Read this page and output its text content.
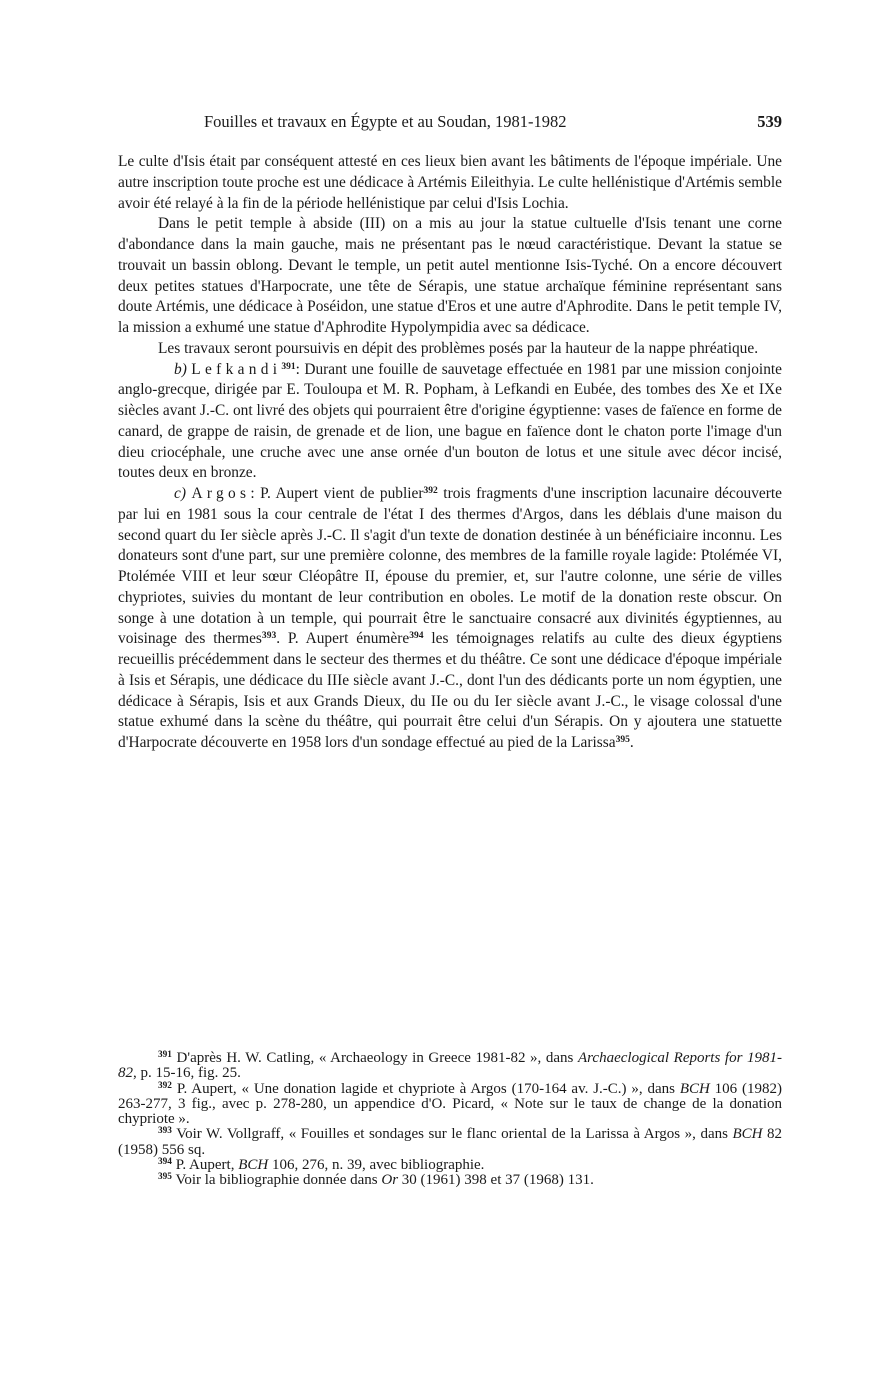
Fouilles et travaux en Égypte et au Soudan, 1981-1982	539

Le culte d'Isis était par conséquent attesté en ces lieux bien avant les bâtiments de l'époque impériale. Une autre inscription toute proche est une dédicace à Artémis Eileithyia. Le culte hellénistique d'Artémis semble avoir été relayé à la fin de la période hellénistique par celui d'Isis Lochia.

Dans le petit temple à abside (III) on a mis au jour la statue cultuelle d'Isis tenant une corne d'abondance dans la main gauche, mais ne présentant pas le nœud caractéristique. Devant la statue se trouvait un bassin oblong. Devant le temple, un petit autel mentionne Isis-Tyché. On a encore découvert deux petites statues d'Harpocrate, une tête de Sérapis, une statue archaïque féminine représentant sans doute Artémis, une dédicace à Poséidon, une statue d'Eros et une autre d'Aphrodite. Dans le petit temple IV, la mission a exhumé une statue d'Aphrodite Hypolympidia avec sa dédicace.

Les travaux seront poursuivis en dépit des problèmes posés par la hauteur de la nappe phréatique.

b) Lefkandi$^{391}$: Durant une fouille de sauvetage effectuée en 1981 par une mission conjointe anglo-grecque, dirigée par E. Touloupa et M. R. Popham, à Lefkandi en Eubée, des tombes des Xe et IXe siècles avant J.-C. ont livré des objets qui pourraient être d'origine égyptienne: vases de faïence en forme de canard, de grappe de raisin, de grenade et de lion, une bague en faïence dont le chaton porte l'image d'un dieu criocéphale, une cruche avec une anse ornée d'un bouton de lotus et une situle avec décor incisé, toutes deux en bronze.

c) Argos: P. Aupert vient de publier$^{392}$ trois fragments d'une inscription lacunaire découverte par lui en 1981 sous la cour centrale de l'état I des thermes d'Argos, dans les déblais d'une maison du second quart du Ier siècle après J.-C. Il s'agit d'un texte de donation destinée à un bénéficiaire inconnu. Les donateurs sont d'une part, sur une première colonne, des membres de la famille royale lagide: Ptolémée VI, Ptolémée VIII et leur sœur Cléopâtre II, épouse du premier, et, sur l'autre colonne, une série de villes chypriotes, suivies du montant de leur contribution en oboles. Le motif de la donation reste obscur. On songe à une dotation à un temple, qui pourrait être le sanctuaire consacré aux divinités égyptiennes, au voisinage des thermes$^{393}$. P. Aupert énumère$^{394}$ les témoignages relatifs au culte des dieux égyptiens recueillis précédemment dans le secteur des thermes et du théâtre. Ce sont une dédicace d'époque impériale à Isis et Sérapis, une dédicace du IIIe siècle avant J.-C., dont l'un des dédicants porte un nom égyptien, une dédicace à Sérapis, Isis et aux Grands Dieux, du IIe ou du Ier siècle avant J.-C., le visage colossal d'une statue exhumé dans la scène du théâtre, qui pourrait être celui d'un Sérapis. On y ajoutera une statuette d'Harpocrate découverte en 1958 lors d'un sondage effectué au pied de la Larissa$^{395}$.

$^{391}$ D'après H. W. Catling, « Archaeology in Greece 1981-82 », dans Archaeclogical Reports for 1981-82, p. 15-16, fig. 25.

$^{392}$ P. Aupert, « Une donation lagide et chypriote à Argos (170-164 av. J.-C.) », dans BCH 106 (1982) 263-277, 3 fig., avec p. 278-280, un appendice d'O. Picard, « Note sur le taux de change de la donation chypriote ».

$^{393}$ Voir W. Vollgraff, « Fouilles et sondages sur le flanc oriental de la Larissa à Argos », dans BCH 82 (1958) 556 sq.

$^{394}$ P. Aupert, BCH 106, 276, n. 39, avec bibliographie.

$^{395}$ Voir la bibliographie donnée dans Or 30 (1961) 398 et 37 (1968) 131.
